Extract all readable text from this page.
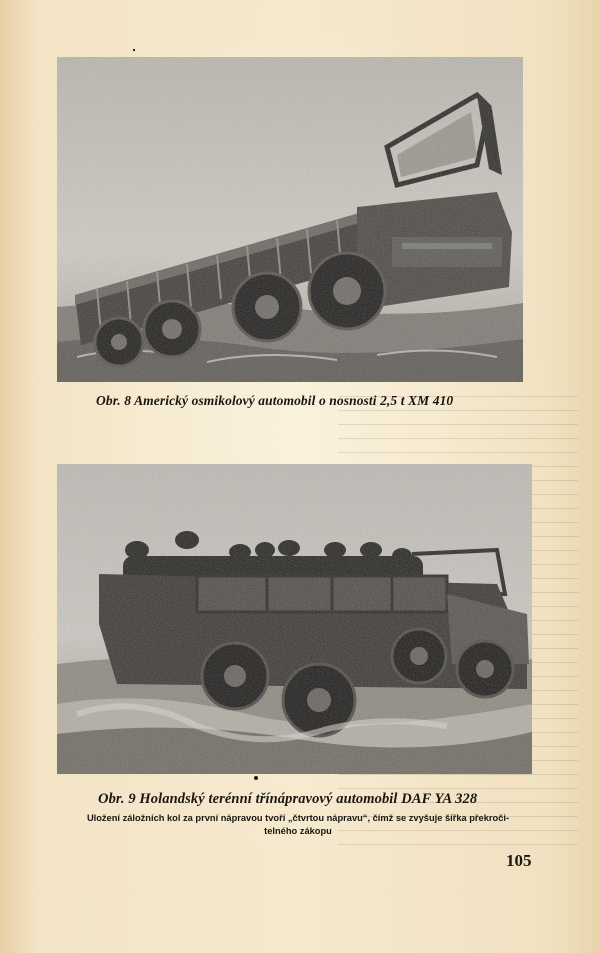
Obr. 8 Americký osmikolový automobil o nosnosti 2,5 t XM 410
Obr. 9 Holandský terénní třínápravový automobil DAF YA 328
Uložení záložních kol za první nápravou tvoří „čtvrtou nápravu“, čímž se zvyšuje šířka překroči-
telného zákopu
105
